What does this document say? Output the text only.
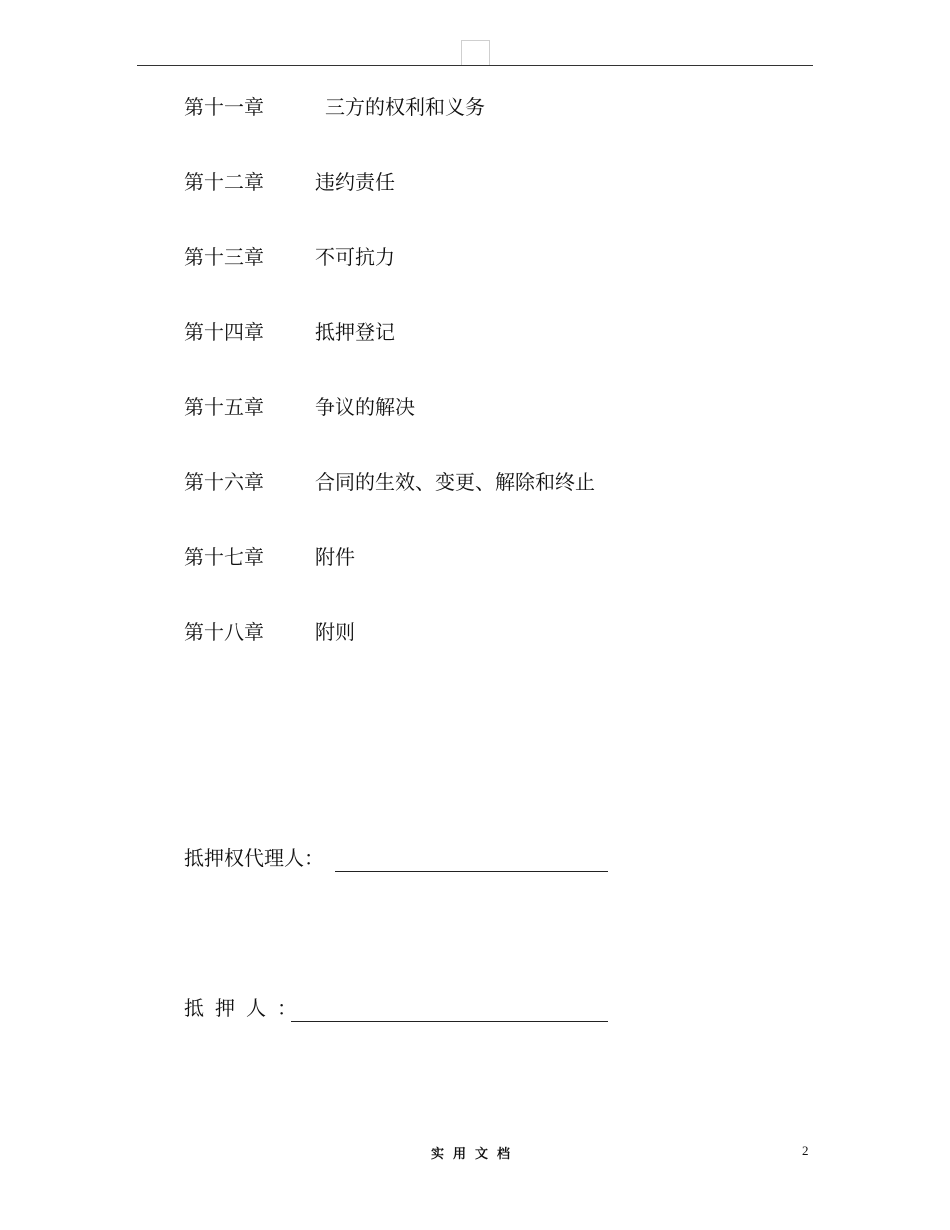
第十一章	三方的权利和义务
第十二章	违约责任
第十三章	不可抗力
第十四章	抵押登记
第十五章	争议的解决
第十六章	合同的生效、变更、解除和终止
第十七章	附件
第十八章	附则
抵押权代理人：
抵押人：
实用文档	2
